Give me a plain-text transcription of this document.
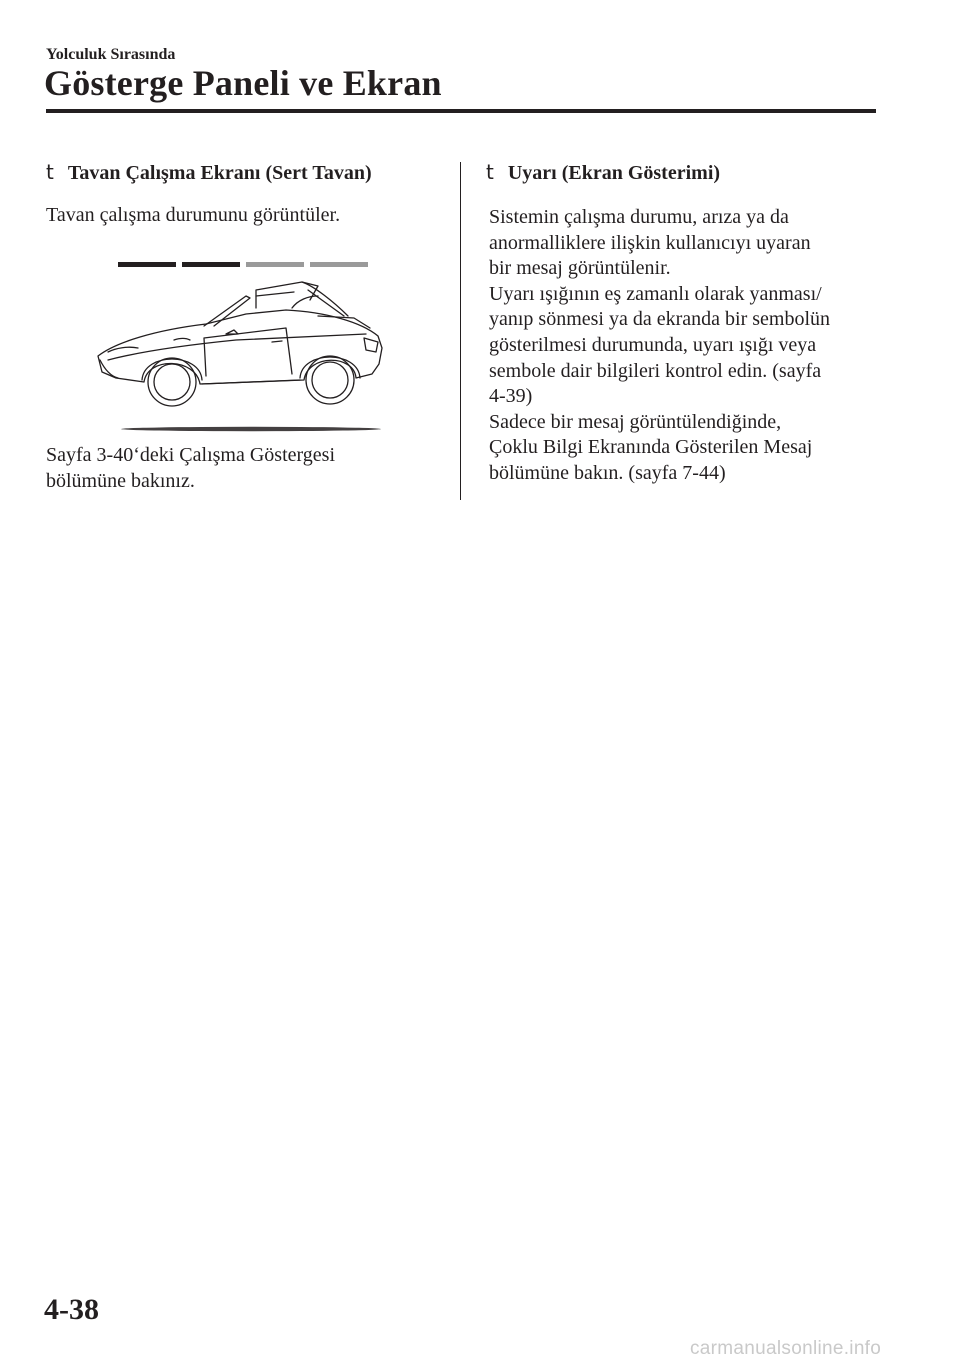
Yolculuk Sırasında
Gösterge Paneli ve Ekran
t Tavan Çalışma Ekranı (Sert Tavan)
Tavan çalışma durumunu görüntüler.
Sayfa 3-40‘deki Çalışma Göstergesi
bölümüne bakınız.
t Uyarı (Ekran Gösterimi)
Sistemin çalışma durumu, arıza ya da
anormalliklere ilişkin kullanıcıyı uyaran
bir mesaj görüntülenir.
Uyarı ışığının eş zamanlı olarak yanması/
yanıp sönmesi ya da ekranda bir sembolün
gösterilmesi durumunda, uyarı ışığı veya
sembole dair bilgileri kontrol edin. (sayfa
4-39)
Sadece bir mesaj görüntülendiğinde,
Çoklu Bilgi Ekranında Gösterilen Mesaj
bölümüne bakın. (sayfa 7-44)
4-38
carmanualsonline.info
